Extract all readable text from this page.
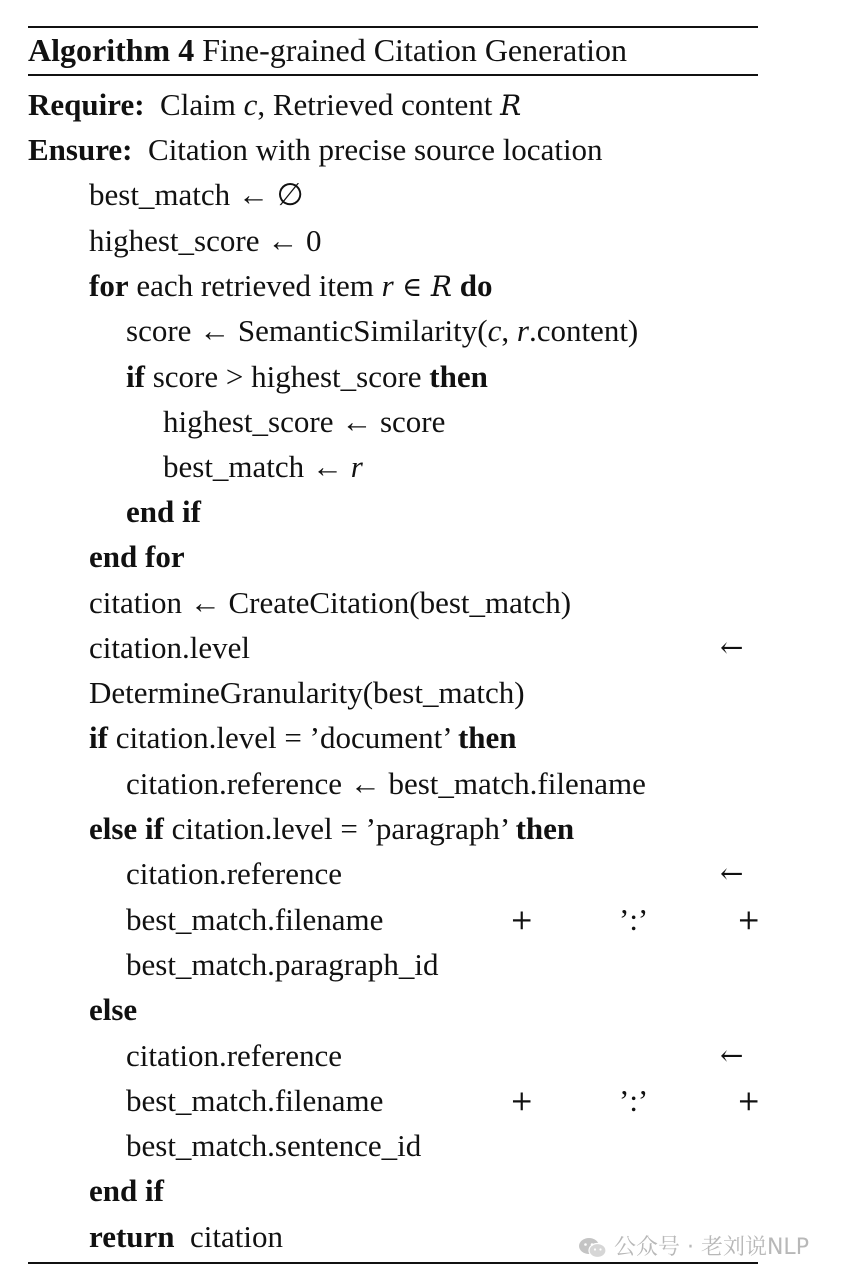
Algorithm 4 Fine-grained Citation Generation
Require: Claim c, Retrieved content R
Ensure: Citation with precise source location
best_match ← ∅
highest_score ← 0
for each retrieved item r ∈ R do
score ← SemanticSimilarity(c, r.content)
if score > highest_score then
highest_score ← score
best_match ← r
end if
end for
citation ← CreateCitation(best_match)
citation.level	←
DetermineGranularity(best_match)
if citation.level = ’document’ then
citation.reference ← best_match.filename
else if citation.level = ’paragraph’ then
citation.reference	←
best_match.filename	+	’:’	+
best_match.paragraph_id
else
citation.reference	←
best_match.filename	+	’:’	+
best_match.sentence_id
end if
return  citation	公众号 · 老刘说NLP
